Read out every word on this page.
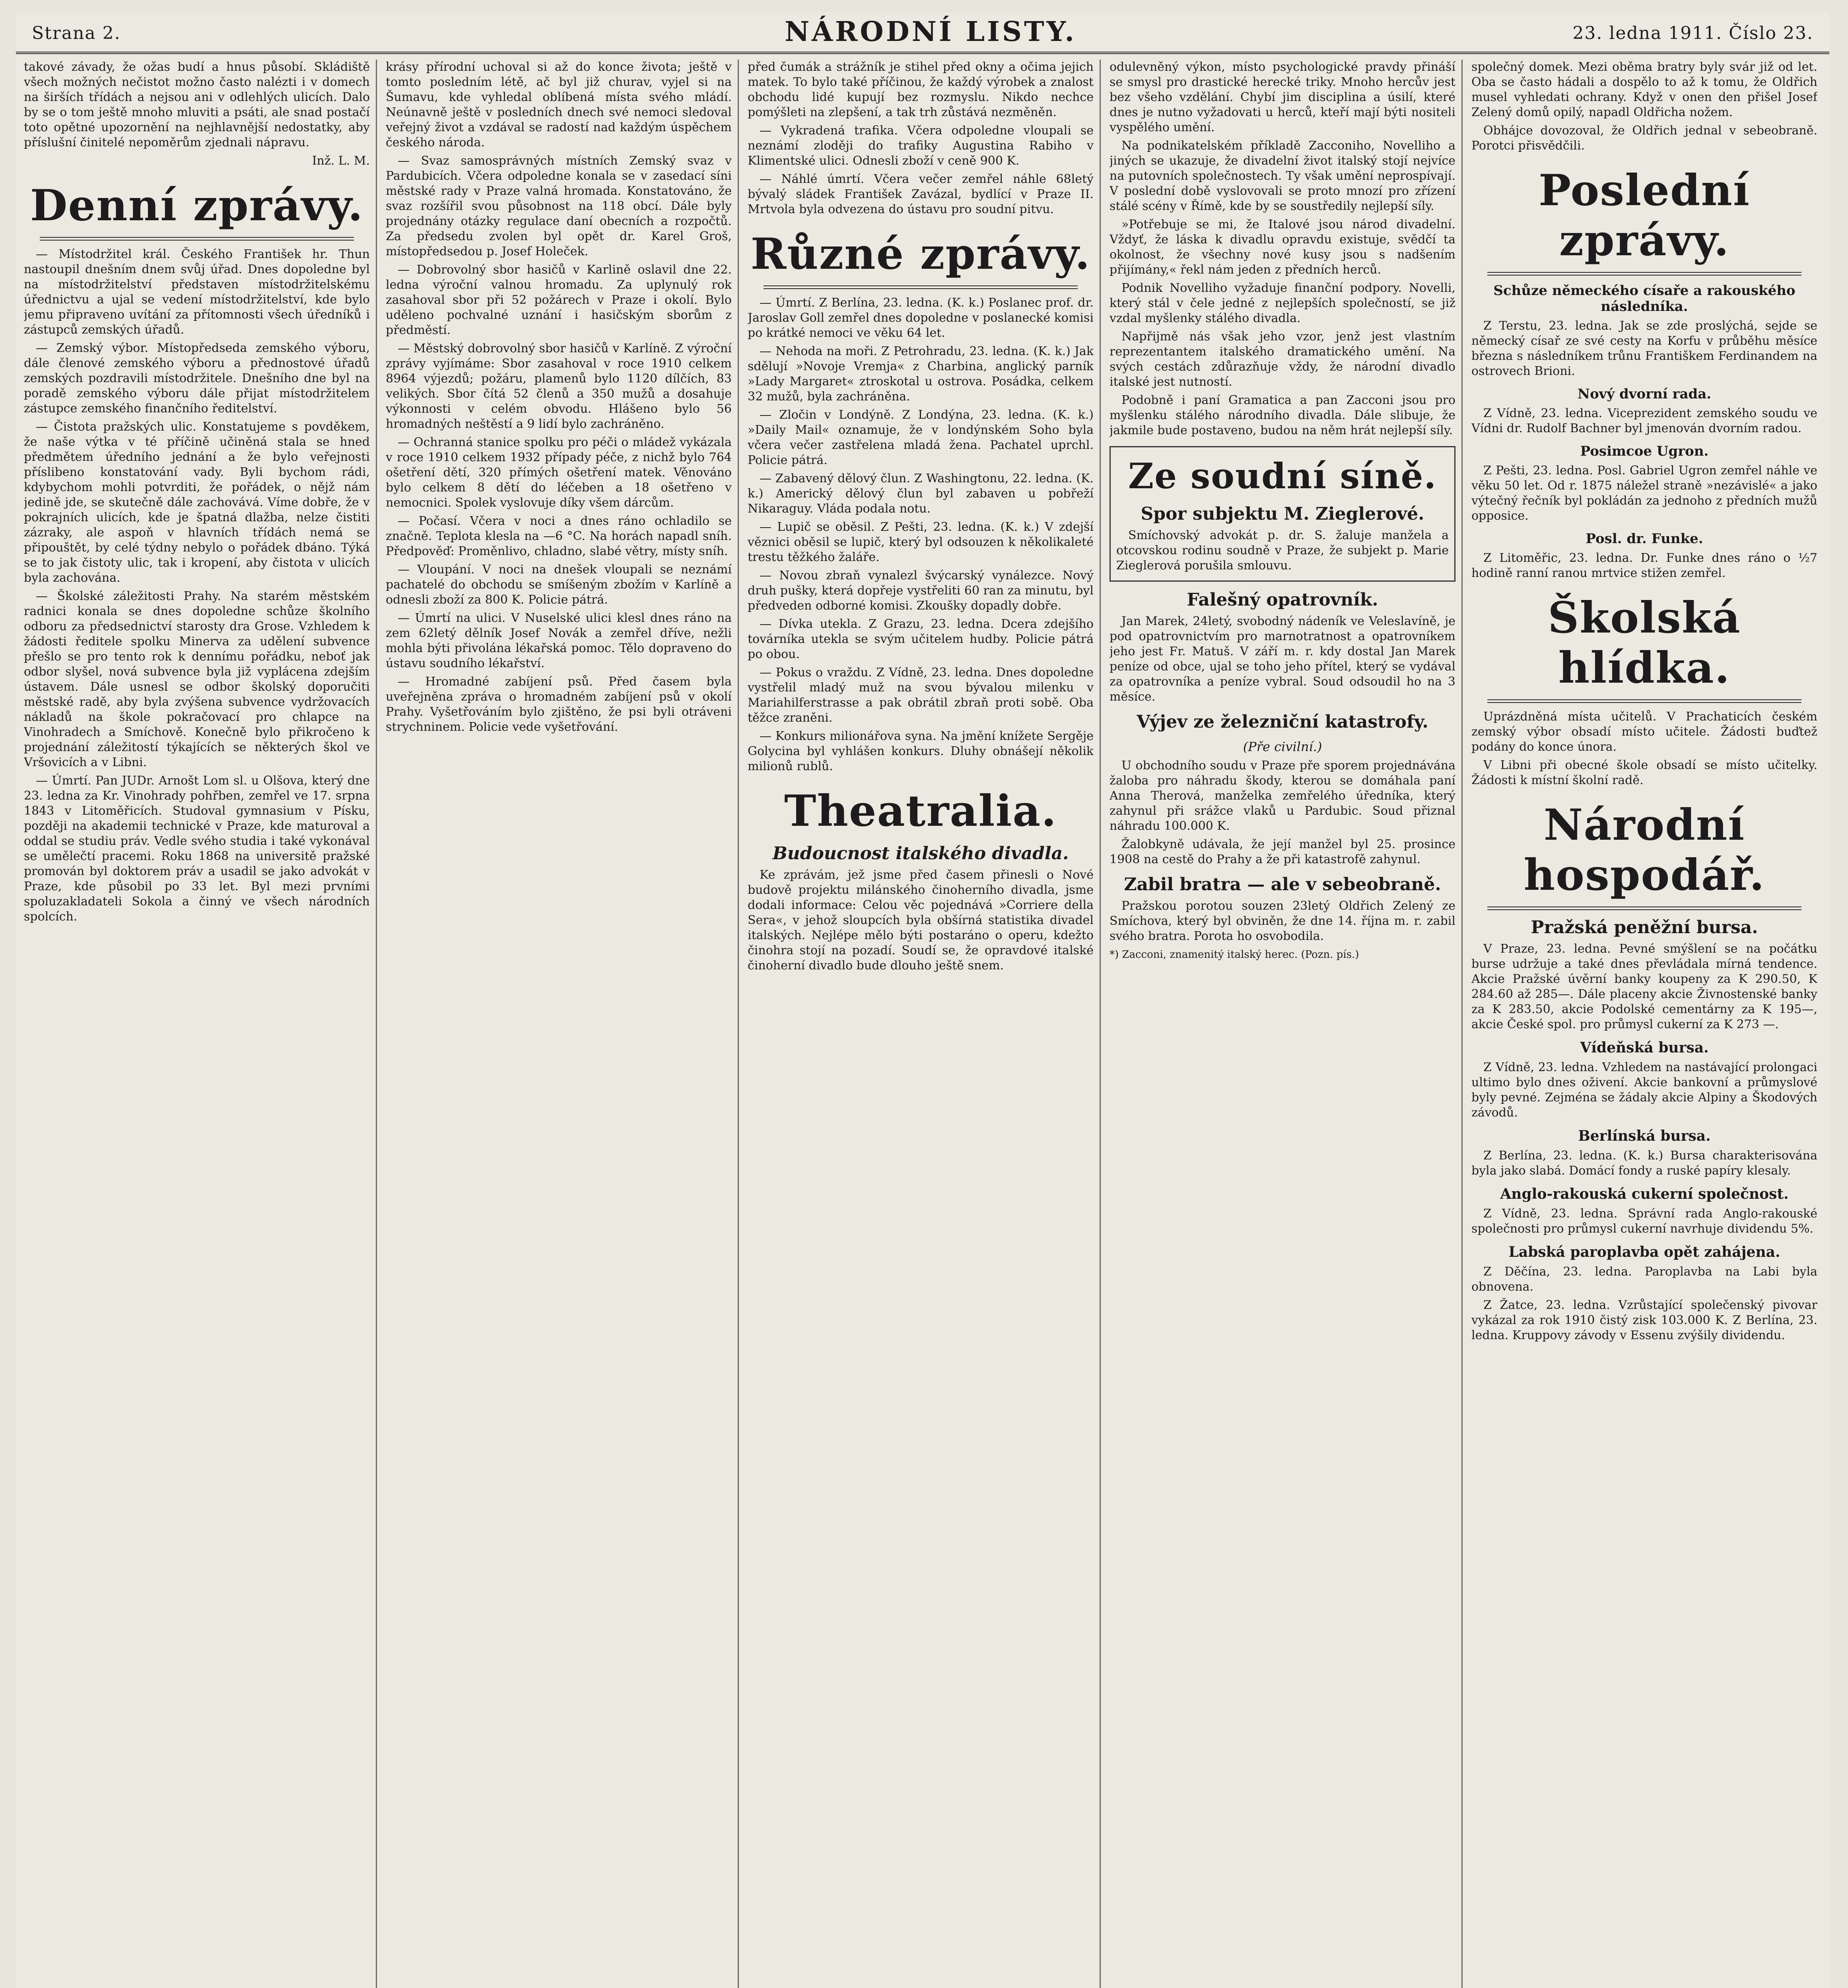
Strana 2.	NÁRODNÍ LISTY.	23. ledna 1911. Číslo 23.

takové závady, že ožas budí a hnus působí. Skládiště všech možných nečistot možno často nalézti i v domech na širších třídách a nejsou ani v odlehlých ulicích. Dalo by se o tom ještě mnoho mluviti a psáti, ale snad postačí toto opětné upozornění na nejhlavnější nedostatky, aby příslušní činitelé nepoměrům zjednali nápravu.

Inž. L. M.

Denní zprávy.

— Místodržitel král. Českého František hr. Thun nastoupil dnešním dnem svůj úřad. Dnes dopoledne byl na místodržitelství představen místodržitelskému úřednictvu a ujal se vedení místodržitelství, kde bylo jemu připraveno uvítání za přítomnosti všech úředníků i zástupců zemských úřadů.

— Zemský výbor. Místopředseda zemského výboru, dále členové zemského výboru a přednostové úřadů zemských pozdravili místodržitele. Dnešního dne byl na poradě zemského výboru dále přijat místodržitelem zástupce zemského finančního ředitelství.

— Čistota pražských ulic. Konstatujeme s povděkem, že naše výtka v té příčině učiněná stala se hned předmětem úředního jednání a že bylo veřejnosti příslibeno konstatování vady. Byli bychom rádi, kdybychom mohli potvrditi, že pořádek, o nějž nám jedině jde, se skutečně dále zachovává. Víme dobře, že v pokrajních ulicích, kde je špatná dlažba, nelze čistiti zázraky, ale aspoň v hlavních třídách nemá se připouštět, by celé týdny nebylo o pořádek dbáno. Týká se to jak čistoty ulic, tak i kropení, aby čistota v ulicích byla zachována.

— Školské záležitosti Prahy. Na starém městském radnici konala se dnes dopoledne schůze školního odboru za předsednictví starosty dra Grose. Vzhledem k žádosti ředitele spolku Minerva za udělení subvence přešlo se pro tento rok k dennímu pořádku, neboť jak odbor slyšel, nová subvence byla již vyplácena zdejším ústavem. Dále usnesl se odbor školský doporučiti městské radě, aby byla zvýšena subvence vydržovacích nákladů na škole pokračovací pro chlapce na Vinohradech a Smíchově. Konečně bylo přikročeno k projednání záležitostí týkajících se některých škol ve Vršovicích a v Libni.

— Úmrtí. Pan JUDr. Arnošt Lom sl. u Olšova, který dne 23. ledna za Kr. Vinohrady pohřben, zemřel ve 17. srpna 1843 v Litoměřicích. Studoval gymnasium v Písku, později na akademii technické v Praze, kde maturoval a oddal se studiu práv. Vedle svého studia i také vykonával se umělečtí pracemi. Roku 1868 na universitě pražské promován byl doktorem práv a usadil se jako advokát v Praze, kde působil po 33 let. Byl mezi prvními spoluzakladateli Sokola a činný ve všech národních spolcích.

krásy přírodní uchoval si až do konce života; ještě v tomto posledním létě, ač byl již churav, vyjel si na Šumavu, kde vyhledal oblíbená místa svého mládí. Neúnavně ještě v posledních dnech své nemoci sledoval veřejný život a vzdával se radostí nad každým úspěchem českého národa.

— Svaz samosprávných místních Zemský svaz v Pardubicích. Včera odpoledne konala se v zasedací síni městské rady v Praze valná hromada. Konstatováno, že svaz rozšířil svou působnost na 118 obcí. Dále byly projednány otázky regulace daní obecních a rozpočtů. Za předsedu zvolen byl opět dr. Karel Groš, místopředsedou p. Josef Holeček.

— Dobrovolný sbor hasičů v Karlině oslavil dne 22. ledna výroční valnou hromadu. Za uplynulý rok zasahoval sbor při 52 požárech v Praze i okolí. Bylo uděleno pochvalné uznání i hasičským sborům z předměstí.

— Městský dobrovolný sbor hasičů v Karlíně. Z výroční zprávy vyjímáme: Sbor zasahoval v roce 1910 celkem 8964 výjezdů; požáru, plamenů bylo 1120 dílčích, 83 velikých. Sbor čítá 52 členů a 350 mužů a dosahuje výkonnosti v celém obvodu. Hlášeno bylo 56 hromadných neštěstí a 9 lidí bylo zachráněno.

— Ochranná stanice spolku pro péči o mládež vykázala v roce 1910 celkem 1932 případy péče, z nichž bylo 764 ošetření dětí, 320 přímých ošetření matek. Věnováno bylo celkem 8 dětí do léčeben a 18 ošetřeno v nemocnici. Spolek vyslovuje díky všem dárcům.

— Počasí. Včera v noci a dnes ráno ochladilo se značně. Teplota klesla na —6 °C. Na horách napadl sníh. Předpověď: Proměnlivo, chladno, slabé větry, místy sníh.

— Vloupání. V noci na dnešek vloupali se neznámí pachatelé do obchodu se smíšeným zbožím v Karlíně a odnesli zboží za 800 K. Policie pátrá.

— Úmrtí na ulici. V Nuselské ulici klesl dnes ráno na zem 62letý dělník Josef Novák a zemřel dříve, nežli mohla býti přivolána lékařská pomoc. Tělo dopraveno do ústavu soudního lékařství.

— Hromadné zabíjení psů. Před časem byla uveřejněna zpráva o hromadném zabíjení psů v okolí Prahy. Vyšetřováním bylo zjištěno, že psi byli otráveni strychninem. Policie vede vyšetřování.

před čumák a strážník je stihel před okny a očima jejich matek. To bylo také příčinou, že každý výrobek a znalost obchodu lidé kupují bez rozmyslu. Nikdo nechce pomýšleti na zlepšení, a tak trh zůstává nezměněn.

— Vykradená trafika. Včera odpoledne vloupali se neznámí zloději do trafiky Augustina Rabiho v Klimentské ulici. Odnesli zboží v ceně 900 K.

— Náhlé úmrtí. Včera večer zemřel náhle 68letý bývalý sládek František Zavázal, bydlící v Praze II. Mrtvola byla odvezena do ústavu pro soudní pitvu.

Různé zprávy.

— Úmrtí. Z Berlína, 23. ledna. (K. k.) Poslanec prof. dr. Jaroslav Goll zemřel dnes dopoledne v poslanecké komisi po krátké nemoci ve věku 64 let.

— Nehoda na moři. Z Petrohradu, 23. ledna. (K. k.) Jak sdělují »Novoje Vremja« z Charbina, anglický parník »Lady Margaret« ztroskotal u ostrova. Posádka, celkem 32 mužů, byla zachráněna.

— Zločin v Londýně. Z Londýna, 23. ledna. (K. k.) »Daily Mail« oznamuje, že v londýnském Soho byla včera večer zastřelena mladá žena. Pachatel uprchl. Policie pátrá.

— Zabavený dělový člun. Z Washingtonu, 22. ledna. (K. k.) Americký dělový člun byl zabaven u pobřeží Nikaraguy. Vláda podala notu.

— Lupič se oběsil. Z Pešti, 23. ledna. (K. k.) V zdejší věznici oběsil se lupič, který byl odsouzen k několikaleté trestu těžkého žaláře.

— Novou zbraň vynalezl švýcarský vynálezce. Nový druh pušky, která dopřeje vystřeliti 60 ran za minutu, byl předveden odborné komisi. Zkoušky dopadly dobře.

— Dívka utekla. Z Grazu, 23. ledna. Dcera zdejšího továrníka utekla se svým učitelem hudby. Policie pátrá po obou.

— Pokus o vraždu. Z Vídně, 23. ledna. Dnes dopoledne vystřelil mladý muž na svou bývalou milenku v Mariahilferstrasse a pak obrátil zbraň proti sobě. Oba těžce zraněni.

— Konkurs milionářova syna. Na jmění knížete Sergěje Golycina byl vyhlášen konkurs. Dluhy obnášejí několik milionů rublů.

Theatralia.
Budoucnost italského divadla.

Ke zprávám, jež jsme před časem přinesli o Nové budově projektu milánského činoherního divadla, jsme dodali informace: Celou věc pojednává »Corriere della Sera«, v jehož sloupcích byla obšírná statistika divadel italských. Nejlépe mělo býti postaráno o operu, kdežto činohra stojí na pozadí. Soudí se, že opravdové italské činoherní divadlo bude dlouho ještě snem.

odulevněný výkon, místo psychologické pravdy přináší se smysl pro drastické herecké triky. Mnoho hercův jest bez všeho vzdělání. Chybí jim disciplina a úsilí, které dnes je nutno vyžadovati u herců, kteří mají býti nositeli vyspělého umění.

Na podnikatelském příkladě Zacconiho, Novelliho a jiných se ukazuje, že divadelní život italský stojí nejvíce na putovních společnostech. Ty však umění neprospívají. V poslední době vyslovovali se proto mnozí pro zřízení stálé scény v Římě, kde by se soustředily nejlepší síly.

»Potřebuje se mi, že Italové jsou národ divadelní. Vždyť, že láska k divadlu opravdu existuje, svědčí ta okolnost, že všechny nové kusy jsou s nadšením přijímány,« řekl nám jeden z předních herců.

Podnik Novelliho vyžaduje finanční podpory. Novelli, který stál v čele jedné z nejlepších společností, se již vzdal myšlenky stálého divadla.

Napřijmě nás však jeho vzor, jenž jest vlastním reprezentantem italského dramatického umění. Na svých cestách zdůrazňuje vždy, že národní divadlo italské jest nutností.

Podobně i paní Gramatica a pan Zacconi jsou pro myšlenku stálého národního divadla. Dále slibuje, že jakmile bude postaveno, budou na něm hrát nejlepší síly.

Ze soudní síně.
Spor subjektu M. Zieglerové.

Smíchovský advokát p. dr. S. žaluje manžela a otcovskou rodinu soudně v Praze, že subjekt p. Marie Zieglerová porušila smlouvu.

Falešný opatrovník.

Jan Marek, 24letý, svobodný nádeník ve Veleslavíně, je pod opatrovnictvím pro marnotratnost a opatrovníkem jeho jest Fr. Matuš. V září m. r. kdy dostal Jan Marek peníze od obce, ujal se toho jeho přítel, který se vydával za opatrovníka a peníze vybral. Soud odsoudil ho na 3 měsíce.

Výjev ze železniční katastrofy.
(Pře civilní.)

U obchodního soudu v Praze pře sporem projednávána žaloba pro náhradu škody, kterou se domáhala paní Anna Therová, manželka zemřelého úředníka, který zahynul při srážce vlaků u Pardubic. Soud přiznal náhradu 100.000 K.

Žalobkyně udávala, že její manžel byl 25. prosince 1908 na cestě do Prahy a že při katastrofě zahynul.

Zabil bratra — ale v sebeobraně.

Pražskou porotou souzen 23letý Oldřich Zelený ze Smíchova, který byl obviněn, že dne 14. října m. r. zabil svého bratra. Porota ho osvobodila.

*) Zacconi, znamenitý italský herec. (Pozn. pís.)

společný domek. Mezi oběma bratry byly svár již od let. Oba se často hádali a dospělo to až k tomu, že Oldřich musel vyhledati ochrany. Když v onen den přišel Josef Zelený domů opilý, napadl Oldřicha nožem.

Obhájce dovozoval, že Oldřich jednal v sebeobraně. Porotci přisvědčili.

Poslední zprávy.
Schůze německého císaře a rakouského následníka.

Z Terstu, 23. ledna. Jak se zde proslýchá, sejde se německý císař ze své cesty na Korfu v průběhu měsíce března s následníkem trůnu Františkem Ferdinandem na ostrovech Brioni.

Nový dvorní rada.

Z Vídně, 23. ledna. Viceprezident zemského soudu ve Vídni dr. Rudolf Bachner byl jmenován dvorním radou.

Posimcoe Ugron.

Z Pešti, 23. ledna. Posl. Gabriel Ugron zemřel náhle ve věku 50 let. Od r. 1875 náležel straně »nezávislé« a jako výtečný řečník byl pokládán za jednoho z předních mužů opposice.

Posl. dr. Funke.

Z Litoměřic, 23. ledna. Dr. Funke dnes ráno o ½7 hodině ranní ranou mrtvice stižen zemřel.

Školská hlídka.

Uprázdněná místa učitelů. V Prachaticích českém zemský výbor obsadí místo učitele. Žádosti buďtež podány do konce února.

V Libni při obecné škole obsadí se místo učitelky. Žádosti k místní školní radě.

Národní hospodář.
Pražská peněžní bursa.

V Praze, 23. ledna. Pevné smýšlení se na počátku burse udržuje a také dnes převládala mírná tendence. Akcie Pražské úvěrní banky koupeny za K 290.50, K 284.60 až 285—. Dále placeny akcie Živnostenské banky za K 283.50, akcie Podolské cementárny za K 195—, akcie České spol. pro průmysl cukerní za K 273 —.

Vídeňská bursa.

Z Vídně, 23. ledna. Vzhledem na nastávající prolongaci ultimo bylo dnes oživení. Akcie bankovní a průmyslové byly pevné. Zejména se žádaly akcie Alpiny a Škodových závodů.

Berlínská bursa.

Z Berlína, 23. ledna. (K. k.) Bursa charakterisována byla jako slabá. Domácí fondy a ruské papíry klesaly.

Anglo-rakouská cukerní společnost.

Z Vídně, 23. ledna. Správní rada Anglo-rakouské společnosti pro průmysl cukerní navrhuje dividendu 5%.

Labská paroplavba opět zahájena.

Z Děčína, 23. ledna. Paroplavba na Labi byla obnovena.

Z Žatce, 23. ledna. Vzrůstající společenský pivovar vykázal za rok 1910 čistý zisk 103.000 K. Z Berlína, 23. ledna. Kruppovy závody v Essenu zvýšily dividendu.
